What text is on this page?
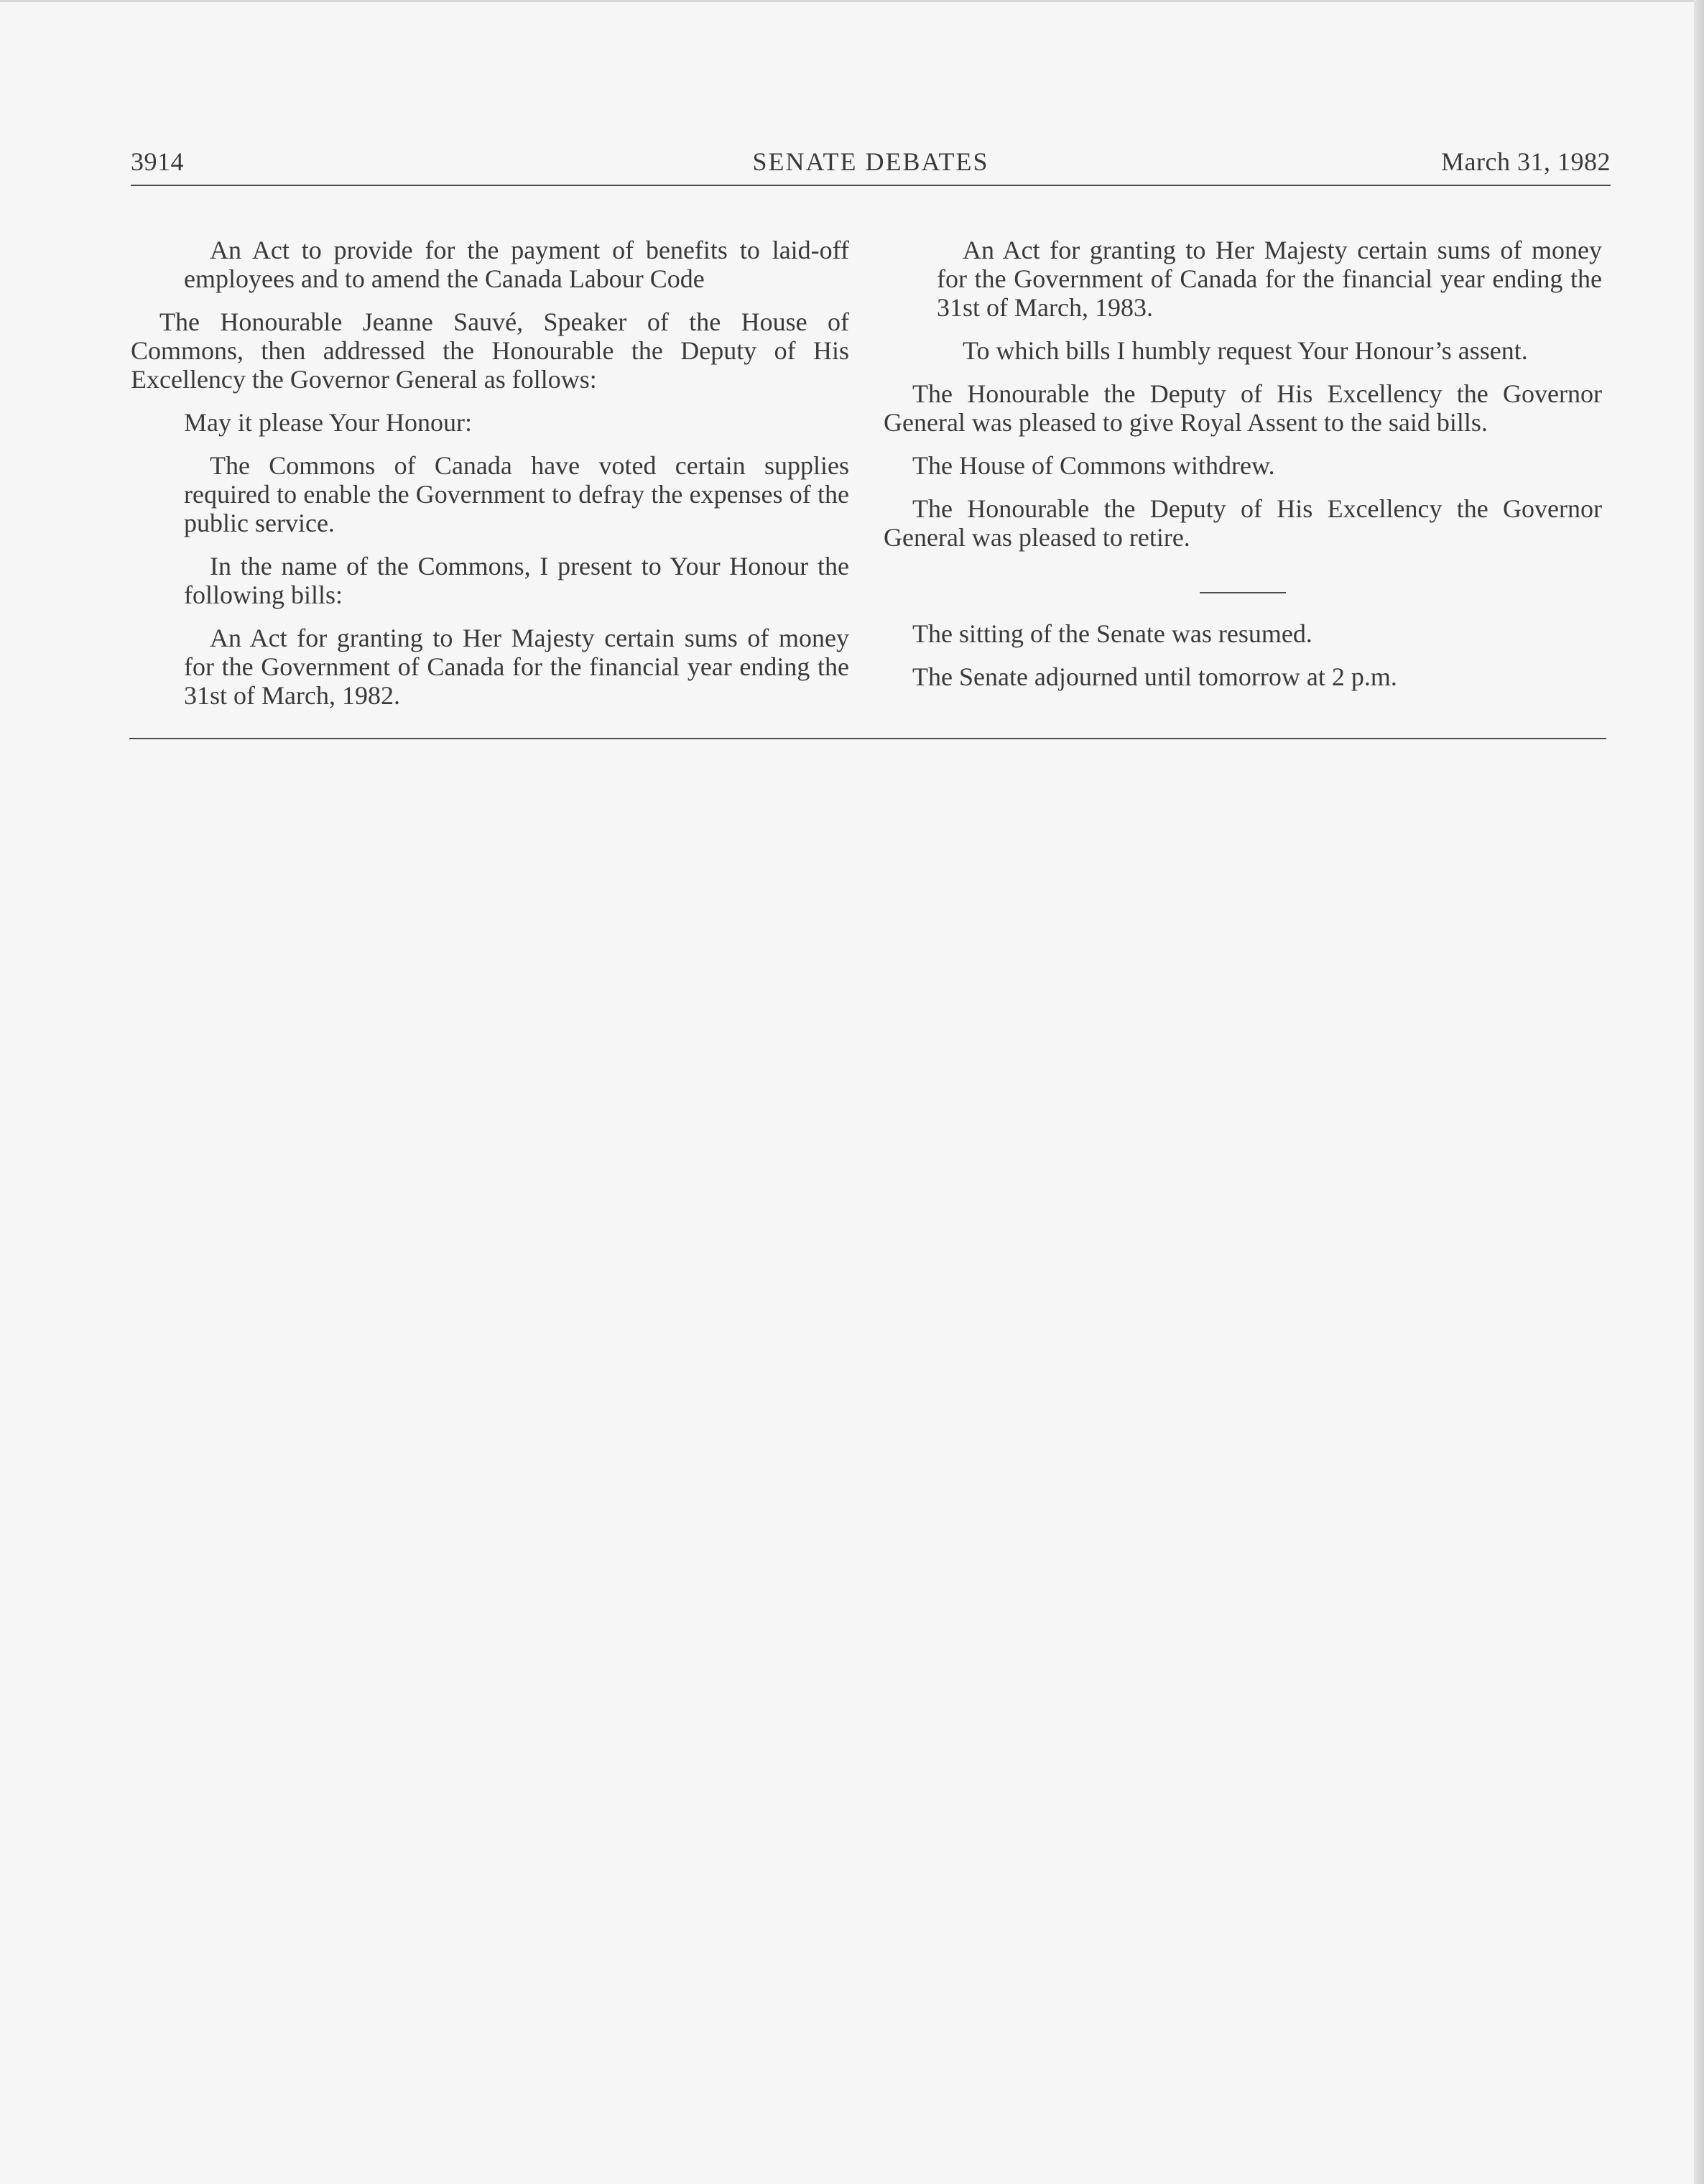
3914	SENATE DEBATES	March 31, 1982

An Act to provide for the payment of benefits to laid-off employees and to amend the Canada Labour Code

The Honourable Jeanne Sauvé, Speaker of the House of Commons, then addressed the Honourable the Deputy of His Excellency the Governor General as follows:

May it please Your Honour:

The Commons of Canada have voted certain supplies required to enable the Government to defray the expenses of the public service.

In the name of the Commons, I present to Your Honour the following bills:

An Act for granting to Her Majesty certain sums of money for the Government of Canada for the financial year ending the 31st of March, 1982.

An Act for granting to Her Majesty certain sums of money for the Government of Canada for the financial year ending the 31st of March, 1983.

To which bills I humbly request Your Honour’s assent.

The Honourable the Deputy of His Excellency the Governor General was pleased to give Royal Assent to the said bills.

The House of Commons withdrew.

The Honourable the Deputy of His Excellency the Governor General was pleased to retire.

The sitting of the Senate was resumed.

The Senate adjourned until tomorrow at 2 p.m.
